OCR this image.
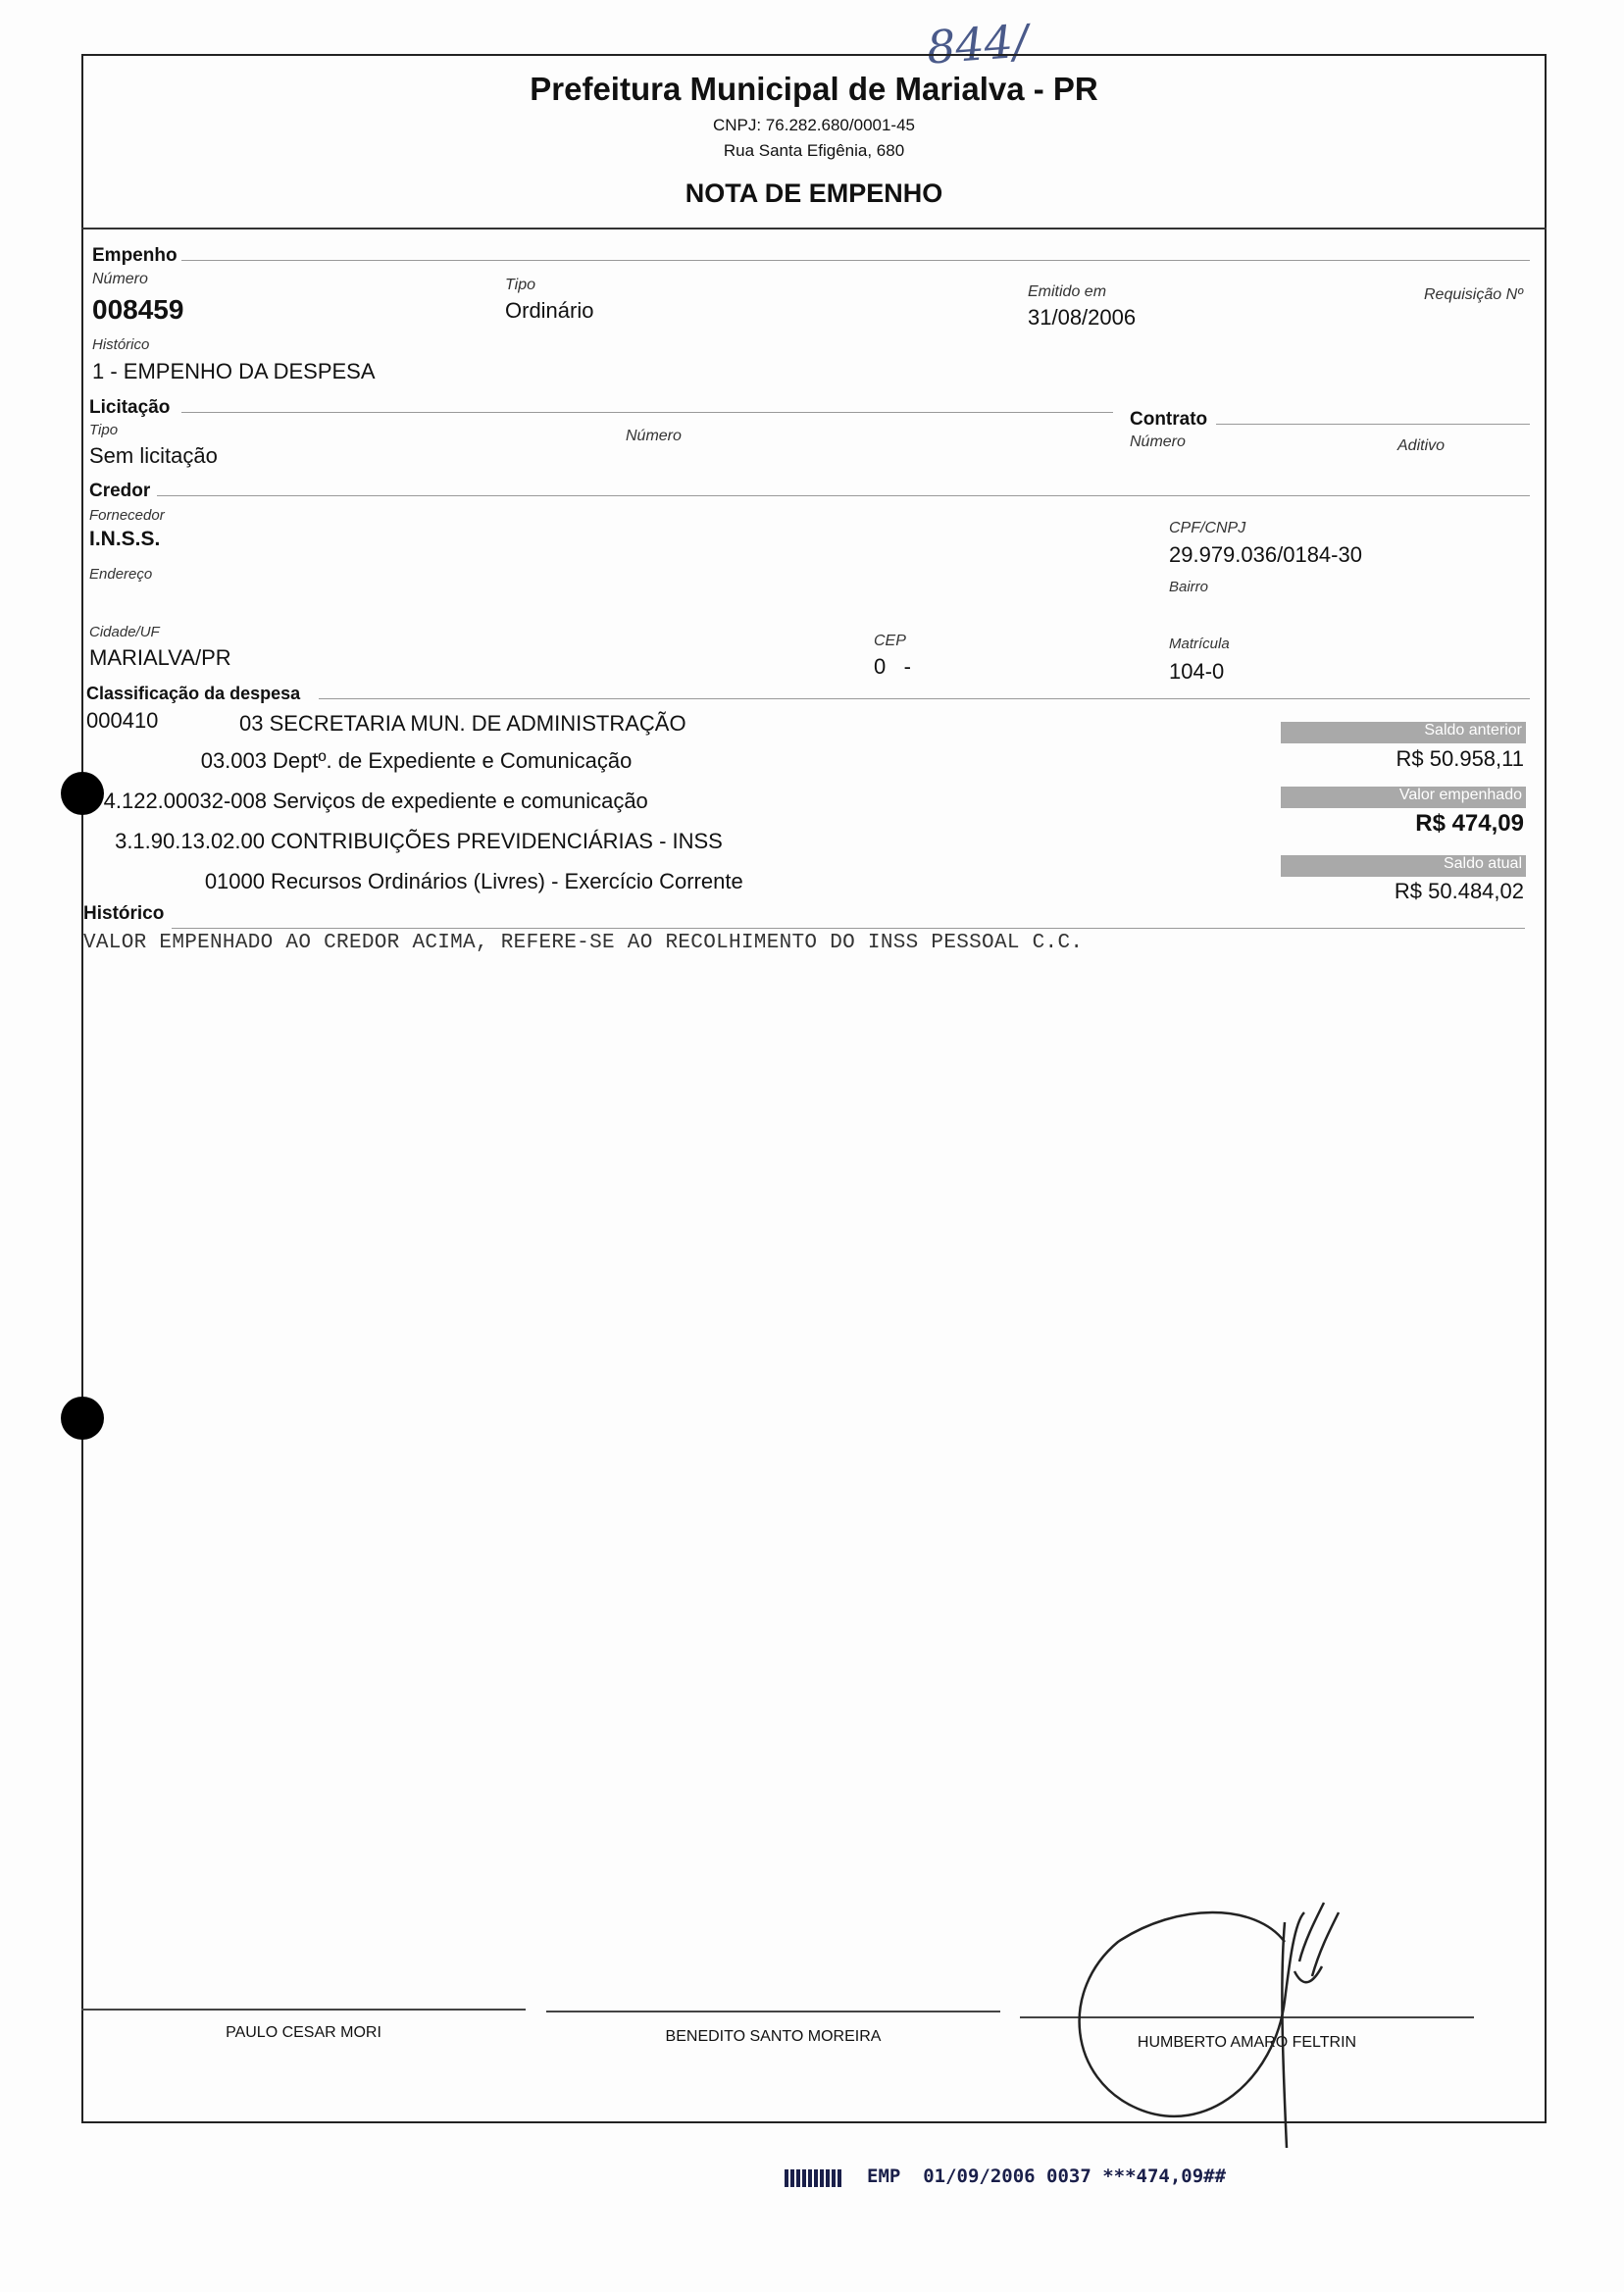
844/
Prefeitura Municipal de Marialva - PR
CNPJ: 76.282.680/0001-45
Rua Santa Efigênia, 680
NOTA DE EMPENHO
Empenho
Número
008459
Tipo
Ordinário
Emitido em
31/08/2006
Requisição Nº
Histórico
1 - EMPENHO DA DESPESA
Licitação
Tipo
Sem licitação
Número
Contrato
Número	Aditivo
Credor
Fornecedor
I.N.S.S.	CPF/CNPJ
29.979.036/0184-30
Endereço
Bairro
Cidade/UF
MARIALVA/PR
CEP
0   -
Matrícula
104-0
Classificação da despesa
000410	03 SECRETARIA MUN. DE ADMINISTRAÇÃO
03.003 Deptº. de Expediente e Comunicação
4.122.00032-008 Serviços de expediente e comunicação
3.1.90.13.02.00 CONTRIBUIÇÕES PREVIDENCIÁRIAS - INSS
01000 Recursos Ordinários (Livres) - Exercício Corrente
Saldo anterior
R$ 50.958,11
Valor empenhado
R$ 474,09
Saldo atual
R$ 50.484,02
Histórico
VALOR EMPENHADO AO CREDOR ACIMA, REFERE-SE AO RECOLHIMENTO DO INSS PESSOAL C.C.
PAULO CESAR MORI	BENEDITO SANTO MOREIRA	HUMBERTO AMARO FELTRIN
EMP  01/09/2006 0037 ***474,09##
